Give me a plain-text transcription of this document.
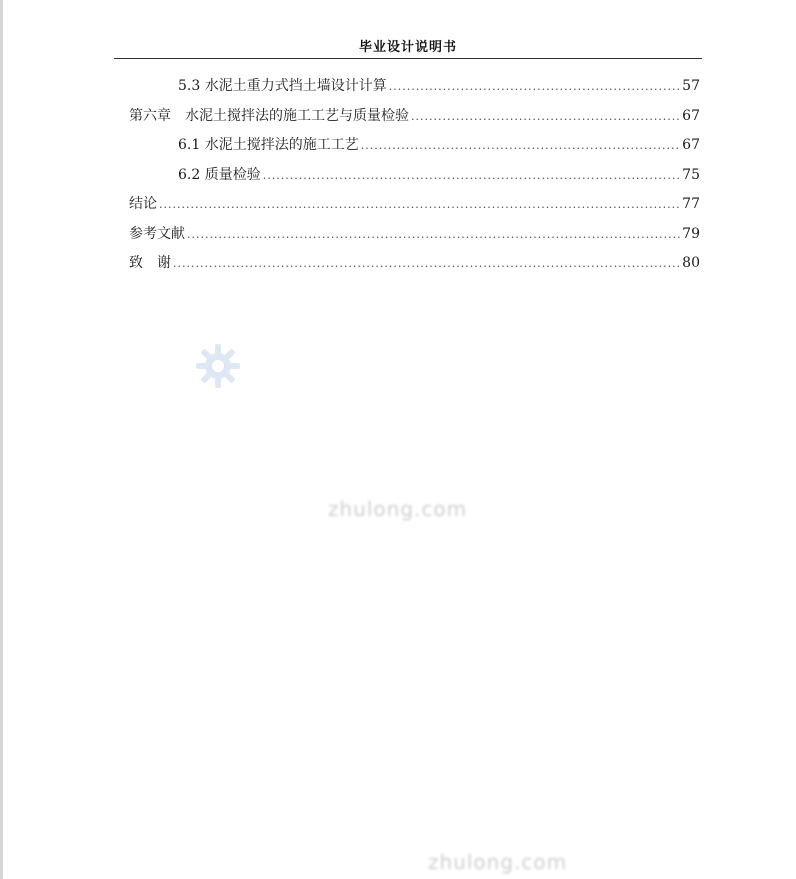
毕业设计说明书
5.3 水泥土重力式挡土墙设计计算 .....	57
第六章　水泥土搅拌法的施工工艺与质量检验 .....	67
6.1 水泥土搅拌法的施工工艺 .....	67
6.2 质量检验 .....	75
结论 .....	77
参考文献 .....	79
致　谢 .....	80
zhulong.com
zhulong.com
